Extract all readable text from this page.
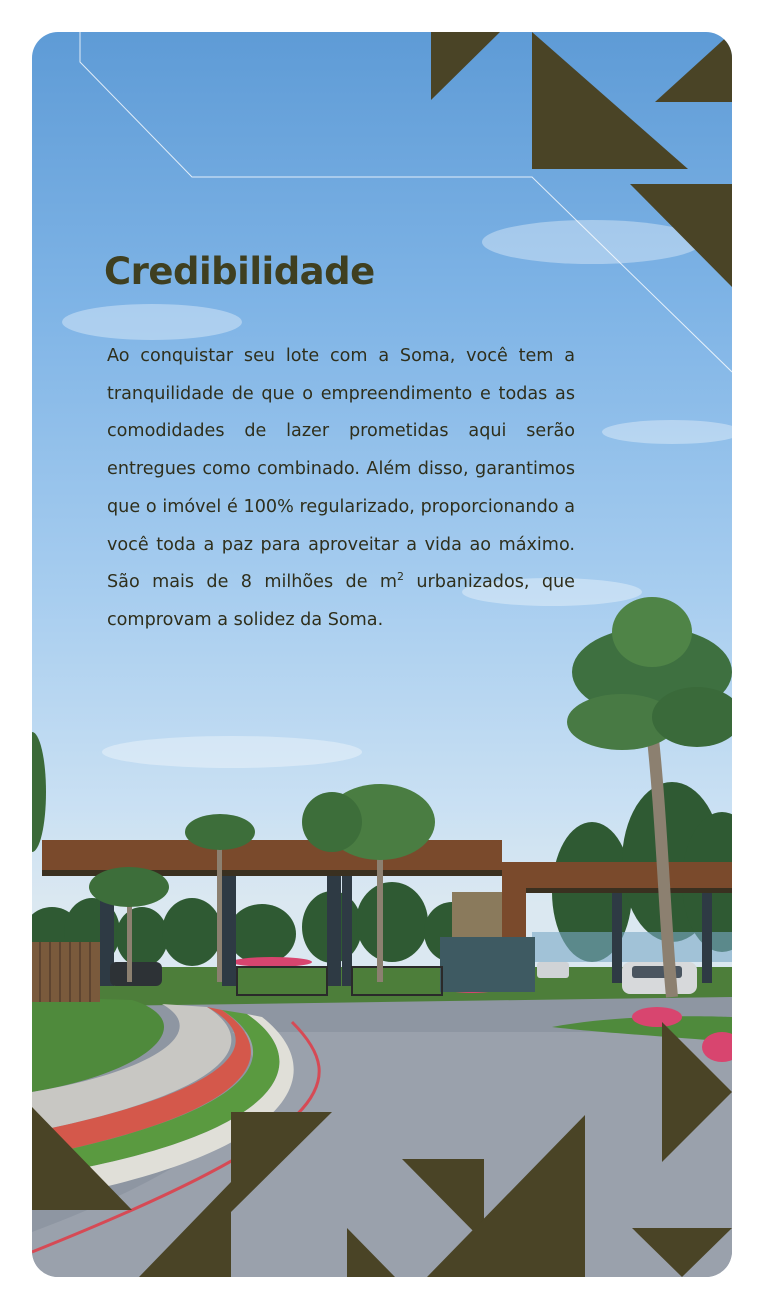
Credibilidade

Ao conquistar seu lote com a Soma, você tem a tranquilidade de que o empreendimento e todas as comodidades de lazer prometidas aqui serão entregues como combinado. Além disso, garantimos que o imóvel é 100% regularizado, proporcionando a você toda a paz para aproveitar a vida ao máximo. São mais de 8 milhões de $m^2$ urbanizados, que comprovam a solidez da Soma.
